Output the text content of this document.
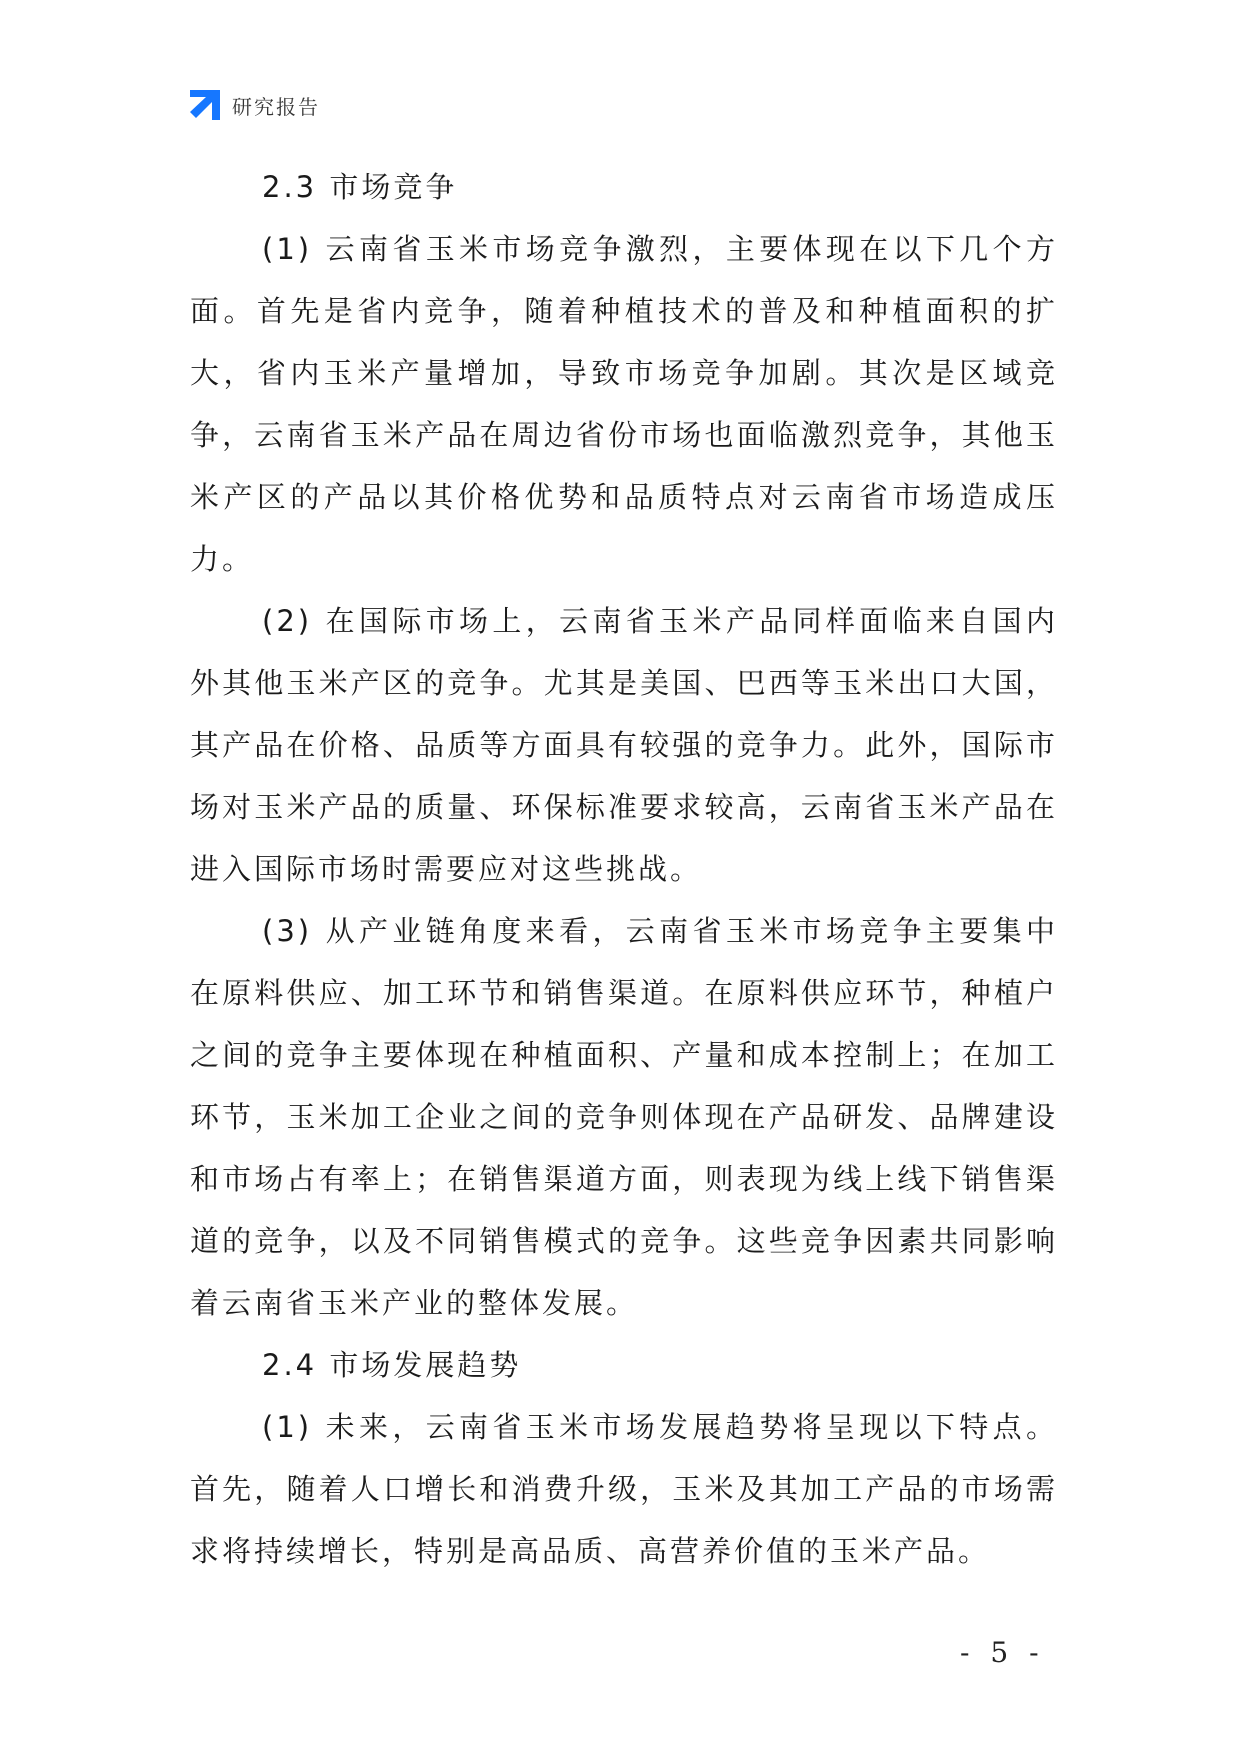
研究报告

2.3 市场竞争

(1) 云南省玉米市场竞争激烈，主要体现在以下几个方面。首先是省内竞争，随着种植技术的普及和种植面积的扩大，省内玉米产量增加，导致市场竞争加剧。其次是区域竞争，云南省玉米产品在周边省份市场也面临激烈竞争，其他玉米产区的产品以其价格优势和品质特点对云南省市场造成压力。

(2) 在国际市场上，云南省玉米产品同样面临来自国内外其他玉米产区的竞争。尤其是美国、巴西等玉米出口大国，其产品在价格、品质等方面具有较强的竞争力。此外，国际市场对玉米产品的质量、环保标准要求较高，云南省玉米产品在进入国际市场时需要应对这些挑战。

(3) 从产业链角度来看，云南省玉米市场竞争主要集中在原料供应、加工环节和销售渠道。在原料供应环节，种植户之间的竞争主要体现在种植面积、产量和成本控制上；在加工环节，玉米加工企业之间的竞争则体现在产品研发、品牌建设和市场占有率上；在销售渠道方面，则表现为线上线下销售渠道的竞争，以及不同销售模式的竞争。这些竞争因素共同影响着云南省玉米产业的整体发展。

2.4 市场发展趋势

(1) 未来，云南省玉米市场发展趋势将呈现以下特点。首先，随着人口增长和消费升级，玉米及其加工产品的市场需求将持续增长，特别是高品质、高营养价值的玉米产品。

- 5 -
